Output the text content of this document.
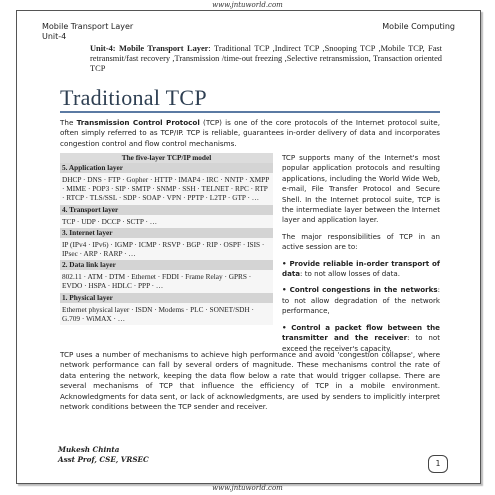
www.jntuworld.com
Mobile Transport Layer
Unit-4
Mobile Computing
Unit-4: Mobile Transport Layer: Traditional TCP ,Indirect TCP ,Snooping TCP ,Mobile TCP, Fast retransmit/fast recovery ,Transmission /time-out freezing ,Selective retransmission, Transaction oriented TCP
Traditional TCP
The Transmission Control Protocol (TCP) is one of the core protocols of the Internet protocol suite, often simply referred to as TCP/IP. TCP is reliable, guarantees in-order delivery of data and incorporates congestion control and flow control mechanisms.
The five-layer TCP/IP model
5. Application layer
DHCP · DNS · FTP · Gopher · HTTP · IMAP4 · IRC · NNTP · XMPP · MIME · POP3 · SIP · SMTP · SNMP · SSH · TELNET · RPC · RTP · RTCP · TLS/SSL · SDP · SOAP · VPN · PPTP · L2TP · GTP · …
4. Transport layer
TCP · UDP · DCCP · SCTP · …
3. Internet layer
IP (IPv4 · IPv6) · IGMP · ICMP · RSVP · BGP · RIP · OSPF · ISIS · IPsec · ARP · RARP · …
2. Data link layer
802.11 · ATM · DTM · Ethernet · FDDI · Frame Relay · GPRS · EVDO · HSPA · HDLC · PPP · …
1. Physical layer
Ethernet physical layer · ISDN · Modems · PLC · SONET/SDH · G.709 · WiMAX · …

TCP supports many of the Internet's most popular application protocols and resulting applications, including the World Wide Web, e-mail, File Transfer Protocol and Secure Shell. In the Internet protocol suite, TCP is the intermediate layer between the Internet layer and application layer.

The major responsibilities of TCP in an active session are to:

• Provide reliable in-order transport of data: to not allow losses of data.

• Control congestions in the networks: to not allow degradation of the network performance,

• Control a packet flow between the transmitter and the receiver: to not exceed the receiver's capacity.

TCP uses a number of mechanisms to achieve high performance and avoid 'congestion collapse', where network performance can fall by several orders of magnitude. These mechanisms control the rate of data entering the network, keeping the data flow below a rate that would trigger collapse. There are several mechanisms of TCP that influence the efficiency of TCP in a mobile environment. Acknowledgments for data sent, or lack of acknowledgments, are used by senders to implicitly interpret network conditions between the TCP sender and receiver.
Mukesh Chinta
Asst Prof, CSE, VRSEC	1
www.jntuworld.com
